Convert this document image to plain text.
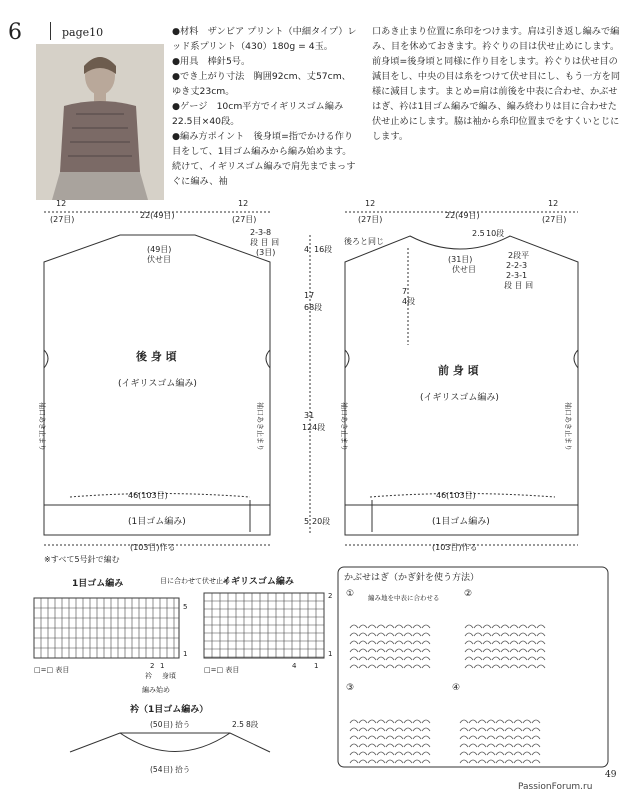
6	page10	●材料　ザンビア プリント（中細タイプ）レッド系プリント（430）180g = 4玉。

●用具　棒針5号。

●でき上がり寸法　胸囲92cm、丈57cm、ゆき丈23cm。

●ゲージ　10cm平方でイギリスゴム編み22.5目×40段。

●編み方ポイント　後身頃=指でかける作り目をして、1目ゴム編みから編み始めます。続けて、イギリスゴム編みで肩先までまっすぐに編み、袖

口あき止まり位置に糸印をつけます。肩は引き返し編みで編み、目を休めておきます。衿ぐりの目は伏せ止めにします。前身頃=後身頃と同様に作り目をします。衿ぐりは伏せ目の減目をし、中央の目は糸をつけて伏せ目にし、もう一方を同様に減目します。まとめ=肩は前後を中表に合わせ、かぶせはぎ、衿は1目ゴム編みで編み、編み終わりは目に合わせた伏せ止めにします。脇は袖から糸印位置までをすくいとじにします。
12
(27目)	22(49目)
12
(27目)
(49目)
伏せ目
2-3-8
段 目 回
(3目)	4 16段
17
68段
31
124段
5 20段
後 身 頃
(イギリスゴム編み)
袖口あき止まり	袖口あき止まり
46(103目)
(1目ゴム編み)
(103目)作る
12
(27目)	22(49目)
12
(27目)
後ろと同じ
2.5 10段
(31目)
伏せ目
2段平
2-2-3
2-3-1
段 目 回
7
4段
前 身 頃
(イギリスゴム編み)
袖口あき止まり	袖口あき止まり
46(103目)
(1目ゴム編み)
(103目)作る
※すべて5号針で編む
1目ゴム編み	目に合わせて伏せ止め
5
1
2 1
衿 身頃
編み始め
□=□ 表目
イギリスゴム編み
2
1
4	1
□=□ 表目
衿（1目ゴム編み）
(50目) 拾う	2.5 8段
(54目) 拾う
かぶせはぎ（かぎ針を使う方法）
①	②
③	④
編み地を中表に合わせる
49
PassionForum.ru
